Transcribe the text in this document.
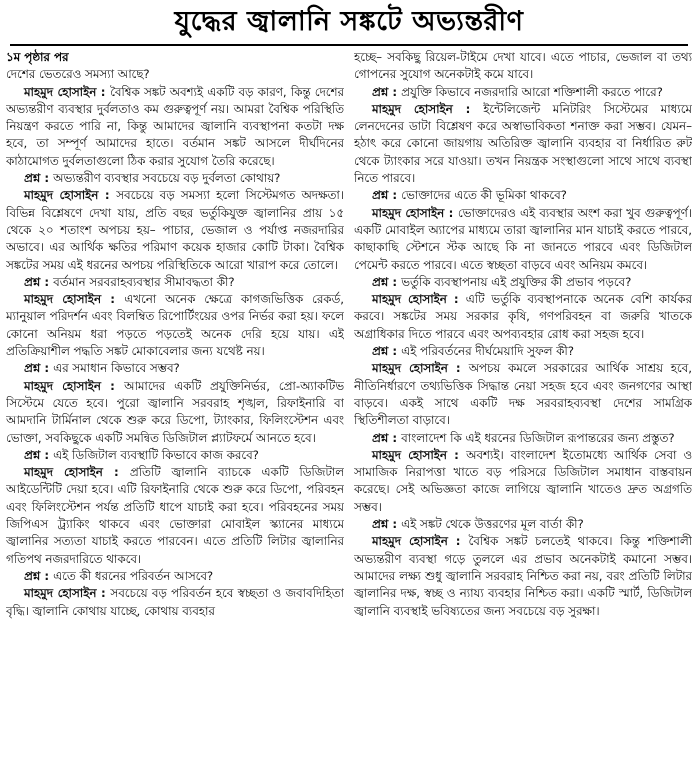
যুদ্ধের জ্বালানি সঙ্কটে অভ্যন্তরীণ

১ম পৃষ্ঠার পর

দেশের ভেতরেও সমস্যা আছে?

মাহমুদ হোসাইন : বৈশ্বিক সঙ্কট অবশ্যই একটি বড় কারণ, কিন্তু দেশের অভ্যন্তরীণ ব্যবস্থার দুর্বলতাও কম গুরুত্বপূর্ণ নয়। আমরা বৈশ্বিক পরিস্থিতি নিয়ন্ত্রণ করতে পারি না, কিন্তু আমাদের জ্বালানি ব্যবস্থাপনা কতটা দক্ষ হবে, তা সম্পূর্ণ আমাদের হাতে। বর্তমান সঙ্কট আসলে দীর্ঘদিনের কাঠামোগত দুর্বলতাগুলো ঠিক করার সুযোগ তৈরি করেছে।

প্রশ্ন : অভ্যন্তরীণ ব্যবস্থার সবচেয়ে বড় দুর্বলতা কোথায়?

মাহমুদ হোসাইন : সবচেয়ে বড় সমস্যা হলো সিস্টেমগত অদক্ষতা। বিভিন্ন বিশ্লেষণে দেখা যায়, প্রতি বছর ভর্তুকিযুক্ত জ্বালানির প্রায় ১৫ থেকে ২০ শতাংশ অপচয় হয়– পাচার, ভেজাল ও পর্যাপ্ত নজরদারির অভাবে। এর আর্থিক ক্ষতির পরিমাণ কয়েক হাজার কোটি টাকা। বৈশ্বিক সঙ্কটের সময় এই ধরনের অপচয় পরিস্থিতিকে আরো খারাপ করে তোলে।

প্রশ্ন : বর্তমান সরবরাহব্যবস্থার সীমাবদ্ধতা কী?

মাহমুদ হোসাইন : এখনো অনেক ক্ষেত্রে কাগজভিত্তিক রেকর্ড, ম্যানুয়াল পরিদর্শন এবং বিলম্বিত রিপোর্টিংয়ের ওপর নির্ভর করা হয়। ফলে কোনো অনিয়ম ধরা পড়তে পড়তেই অনেক দেরি হয়ে যায়। এই প্রতিক্রিয়াশীল পদ্ধতি সঙ্কট মোকাবেলার জন্য যথেষ্ট নয়।

প্রশ্ন : এর সমাধান কিভাবে সম্ভব?

মাহমুদ হোসাইন : আমাদের একটি প্রযুক্তিনির্ভর, প্রো-অ্যাকটিভ সিস্টেমে যেতে হবে। পুরো জ্বালানি সরবরাহ শৃঙ্খল, রিফাইনারি বা আমদানি টার্মিনাল থেকে শুরু করে ডিপো, ট্যাংকার, ফিলিংস্টেশন এবং ভোক্তা, সবকিছুকে একটি সমন্বিত ডিজিটাল প্ল্যাটফর্মে আনতে হবে।

প্রশ্ন : এই ডিজিটাল ব্যবস্থাটি কিভাবে কাজ করবে?

মাহমুদ হোসাইন : প্রতিটি জ্বালানি ব্যাচকে একটি ডিজিটাল আইডেন্টিটি দেয়া হবে। এটি রিফাইনারি থেকে শুরু করে ডিপো, পরিবহন এবং ফিলিংস্টেশন পর্যন্ত প্রতিটি ধাপে যাচাই করা হবে। পরিবহনের সময় জিপিএস ট্র্যাকিং থাকবে এবং ভোক্তারা মোবাইল স্ক্যানের মাধ্যমে জ্বালানির সত্যতা যাচাই করতে পারবেন। এতে প্রতিটি লিটার জ্বালানির গতিপথ নজরদারিতে থাকবে।

প্রশ্ন : এতে কী ধরনের পরিবর্তন আসবে?

মাহমুদ হোসাইন : সবচেয়ে বড় পরিবর্তন হবে স্বচ্ছতা ও জবাবদিহিতা বৃদ্ধি। জ্বালানি কোথায় যাচ্ছে, কোথায় ব্যবহার

হচ্ছে– সবকিছু রিয়েল-টাইমে দেখা যাবে। এতে পাচার, ভেজাল বা তথ্য গোপনের সুযোগ অনেকটাই কমে যাবে।

প্রশ্ন : প্রযুক্তি কিভাবে নজরদারি আরো শক্তিশালী করতে পারে?

মাহমুদ হোসাইন : ইন্টেলিজেন্ট মনিটরিং সিস্টেমের মাধ্যমে লেনদেনের ডাটা বিশ্লেষণ করে অস্বাভাবিকতা শনাক্ত করা সম্ভব। যেমন– হঠাৎ করে কোনো জায়গায় অতিরিক্ত জ্বালানি ব্যবহার বা নির্ধারিত রুট থেকে ট্যাংকার সরে যাওয়া। তখন নিয়ন্ত্রক সংস্থাগুলো সাথে সাথে ব্যবস্থা নিতে পারবে।

প্রশ্ন : ভোক্তাদের এতে কী ভূমিকা থাকবে?

মাহমুদ হোসাইন : ভোক্তাদেরও এই ব্যবস্থার অংশ করা খুব গুরুত্বপূর্ণ। একটি মোবাইল অ্যাপের মাধ্যমে তারা জ্বালানির মান যাচাই করতে পারবে, কাছাকাছি স্টেশনে স্টক আছে কি না জানতে পারবে এবং ডিজিটাল পেমেন্ট করতে পারবে। এতে স্বচ্ছতা বাড়বে এবং অনিয়ম কমবে।

প্রশ্ন : ভর্তুকি ব্যবস্থাপনায় এই প্রযুক্তির কী প্রভাব পড়বে?

মাহমুদ হোসাইন : এটি ভর্তুকি ব্যবস্থাপনাকে অনেক বেশি কার্যকর করবে। সঙ্কটের সময় সরকার কৃষি, গণপরিবহন বা জরুরি খাতকে অগ্রাধিকার দিতে পারবে এবং অপব্যবহার রোধ করা সহজ হবে।

প্রশ্ন : এই পরিবর্তনের দীর্ঘমেয়াদি সুফল কী?

মাহমুদ হোসাইন : অপচয় কমলে সরকারের আর্থিক সাশ্রয় হবে, নীতিনির্ধারণে তথ্যভিত্তিক সিদ্ধান্ত নেয়া সহজ হবে এবং জনগণের আস্থা বাড়বে। একই সাথে একটি দক্ষ সরবরাহব্যবস্থা দেশের সামগ্রিক স্থিতিশীলতা বাড়াবে।

প্রশ্ন : বাংলাদেশ কি এই ধরনের ডিজিটাল রূপান্তরের জন্য প্রস্তুত?

মাহমুদ হোসাইন : অবশ্যই। বাংলাদেশ ইতোমধ্যে আর্থিক সেবা ও সামাজিক নিরাপত্তা খাতে বড় পরিসরে ডিজিটাল সমাধান বাস্তবায়ন করেছে। সেই অভিজ্ঞতা কাজে লাগিয়ে জ্বালানি খাতেও দ্রুত অগ্রগতি সম্ভব।

প্রশ্ন : এই সঙ্কট থেকে উত্তরণের মূল বার্তা কী?

মাহমুদ হোসাইন : বৈশ্বিক সঙ্কট চলতেই থাকবে। কিন্তু শক্তিশালী অভ্যন্তরীণ ব্যবস্থা গড়ে তুললে এর প্রভাব অনেকটাই কমানো সম্ভব। আমাদের লক্ষ্য শুধু জ্বালানি সরবরাহ নিশ্চিত করা নয়, বরং প্রতিটি লিটার জ্বালানির দক্ষ, স্বচ্ছ ও ন্যায্য ব্যবহার নিশ্চিত করা। একটি স্মার্ট, ডিজিটাল জ্বালানি ব্যবস্থাই ভবিষ্যতের জন্য সবচেয়ে বড় সুরক্ষা।
